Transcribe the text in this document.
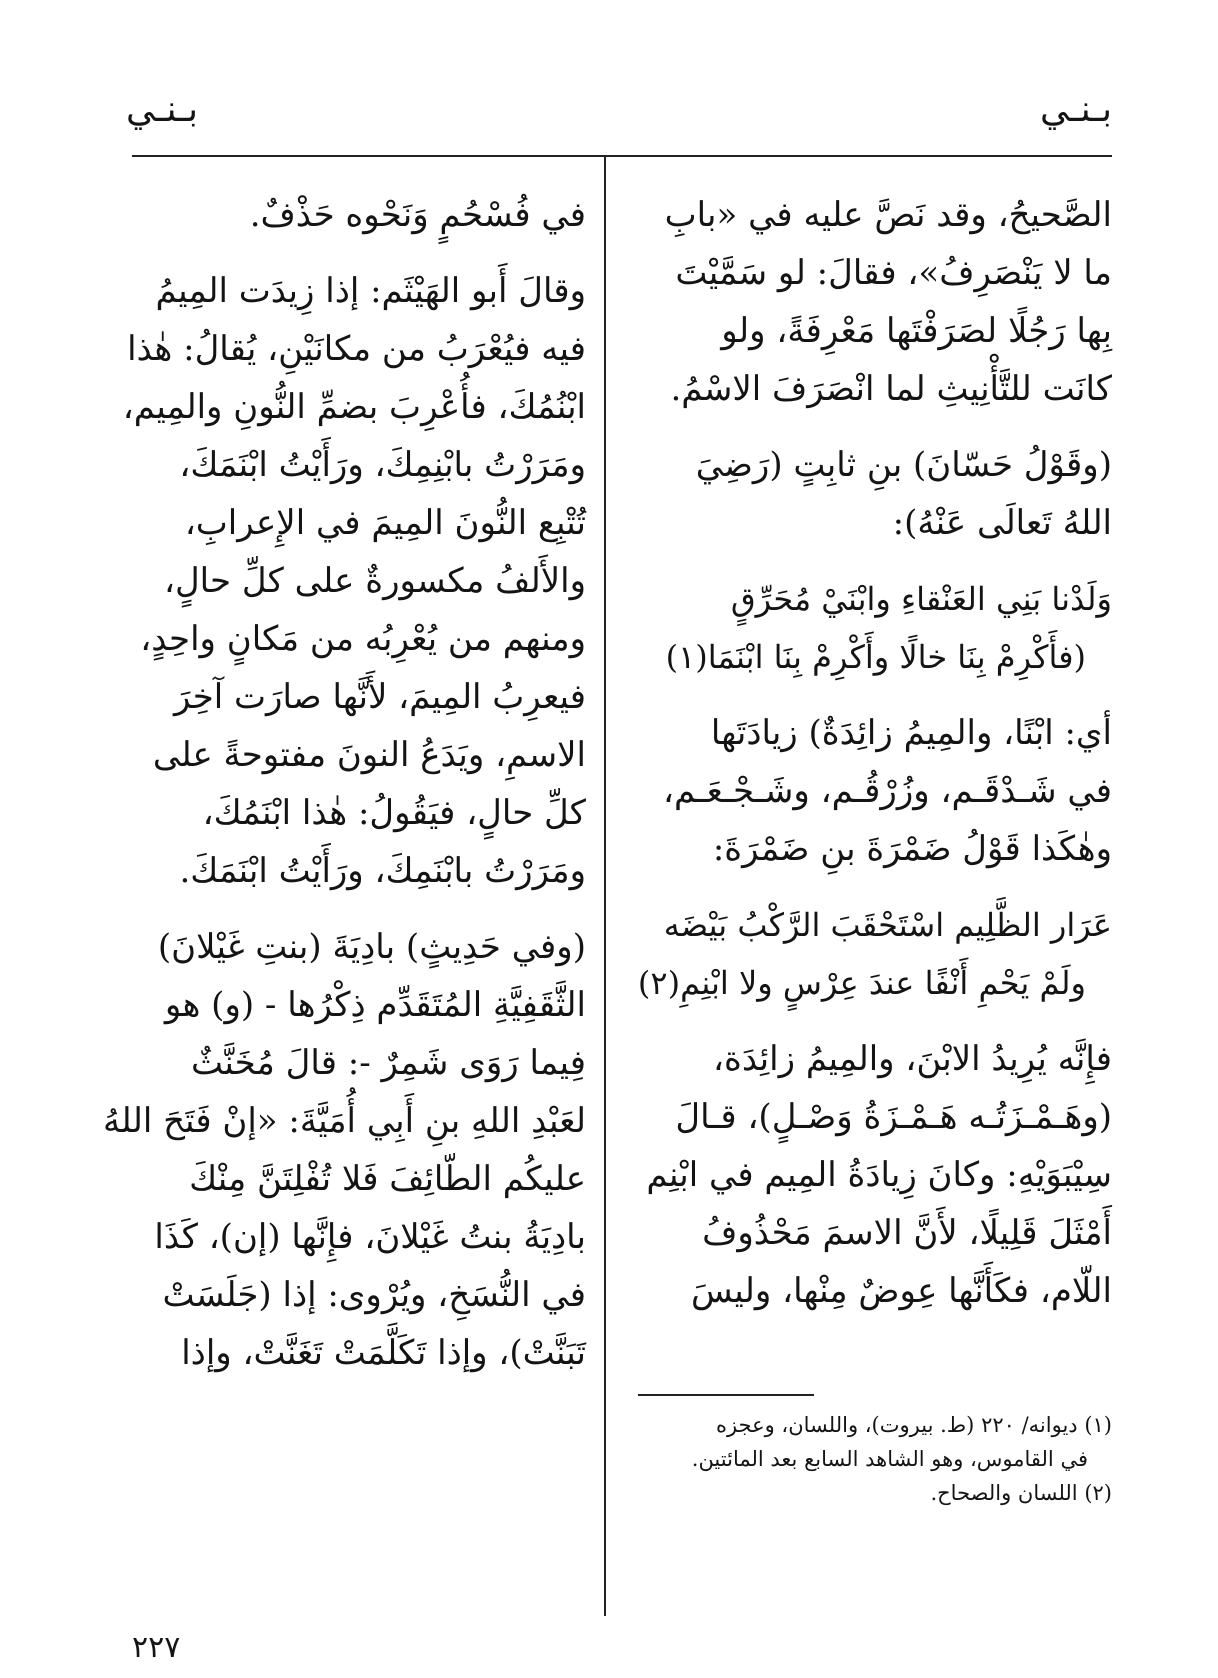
بـنـي
بـنـي
الصَّحيحُ، وقد نَصَّ عليه في «بابِ
ما لا يَنْصَرِفُ»، فقالَ: لو سَمَّيْتَ
بِها رَجُلًا لصَرَفْتَها مَعْرِفَةً، ولو
كانَت للتَّأْنِيثِ لما انْصَرَفَ الاسْمُ.
(وقَوْلُ حَسّانَ) بنِ ثابِتٍ (رَضِيَ
اللهُ تَعالَى عَنْهُ):
وَلَدْنا بَنِي العَنْقاءِ وابْنَيْ مُحَرِّقٍ
(فأَكْرِمْ بِنَا خالًا وأَكْرِمْ بِنَا ابْنَمَا(١)
أي: ابْنًا، والمِيمُ زائِدَةٌ) زيادَتَها
في شَـدْقَـم، وزُرْقُـم، وشَـجْـعَـم،
وهٰكَذا قَوْلُ ضَمْرَةَ بنِ ضَمْرَةَ:
عَرَار الظَّلِيم اسْتَحْقَبَ الرَّكْبُ بَيْضَه
ولَمْ يَحْمِ أَنْفًا عندَ عِرْسٍ ولا ابْنِمِ(٢)
فإِنَّه يُرِيدُ الابْنَ، والمِيمُ زائِدَة،
(وهَـمْـزَتُـه هَـمْـزَةُ وَصْـلٍ)، قـالَ
سِيْبَوَيْهِ: وكانَ زِيادَةُ المِيم في ابْنِم
أَمْثَلَ قَلِيلًا، لأَنَّ الاسمَ مَحْذُوفُ
اللّام، فكَأَنَّها عِوضٌ مِنْها، وليسَ
في فُسْحُمٍ وَنَحْوه حَذْفٌ.
وقالَ أَبو الهَيْثَم: إذا زِيدَت المِيمُ
فيه فيُعْرَبُ من مكانَيْنِ، يُقالُ: هٰذا
ابْنُمُكَ، فأُعْرِبَ بضمِّ النُّونِ والمِيم،
ومَرَرْتُ بابْنِمِكَ، ورَأَيْتُ ابْنَمَكَ،
تُتْبِع النُّونَ المِيمَ في الإِعرابِ،
والأَلفُ مكسورةٌ على كلِّ حالٍ،
ومنهم من يُعْرِبُه من مَكانٍ واحِدٍ،
فيعرِبُ المِيمَ، لأَنَّها صارَت آخِرَ
الاسمِ، ويَدَعُ النونَ مفتوحةً على
كلِّ حالٍ، فيَقُولُ: هٰذا ابْنَمُكَ،
ومَرَرْتُ بابْنَمِكَ، ورَأَيْتُ ابْنَمَكَ.
(وفي حَدِيثٍ) بادِيَةَ (بنتِ غَيْلانَ)
الثَّقَفِيَّةِ المُتَقَدِّم ذِكْرُها - (و) هو
فِيما رَوَى شَمِرٌ -: قالَ مُخَنَّثٌ
لعَبْدِ اللهِ بنِ أَبِي أُمَيَّةَ: «إنْ فَتَحَ اللهُ
عليكُم الطّائِفَ فَلا تُفْلِتَنَّ مِنْكَ
بادِيَةُ بنتُ غَيْلانَ، فإِنَّها (إن)، كَذَا
في النُّسَخِ، ويُرْوى: إذا (جَلَسَتْ
تَبَنَّتْ)، وإذا تَكَلَّمَتْ تَغَنَّتْ، وإذا
(١) ديوانه/ ٢٢٠ (ط. بيروت)، واللسان، وعجزه
في القاموس، وهو الشاهد السابع بعد المائتين.
(٢) اللسان والصحاح.
٢٢٧
